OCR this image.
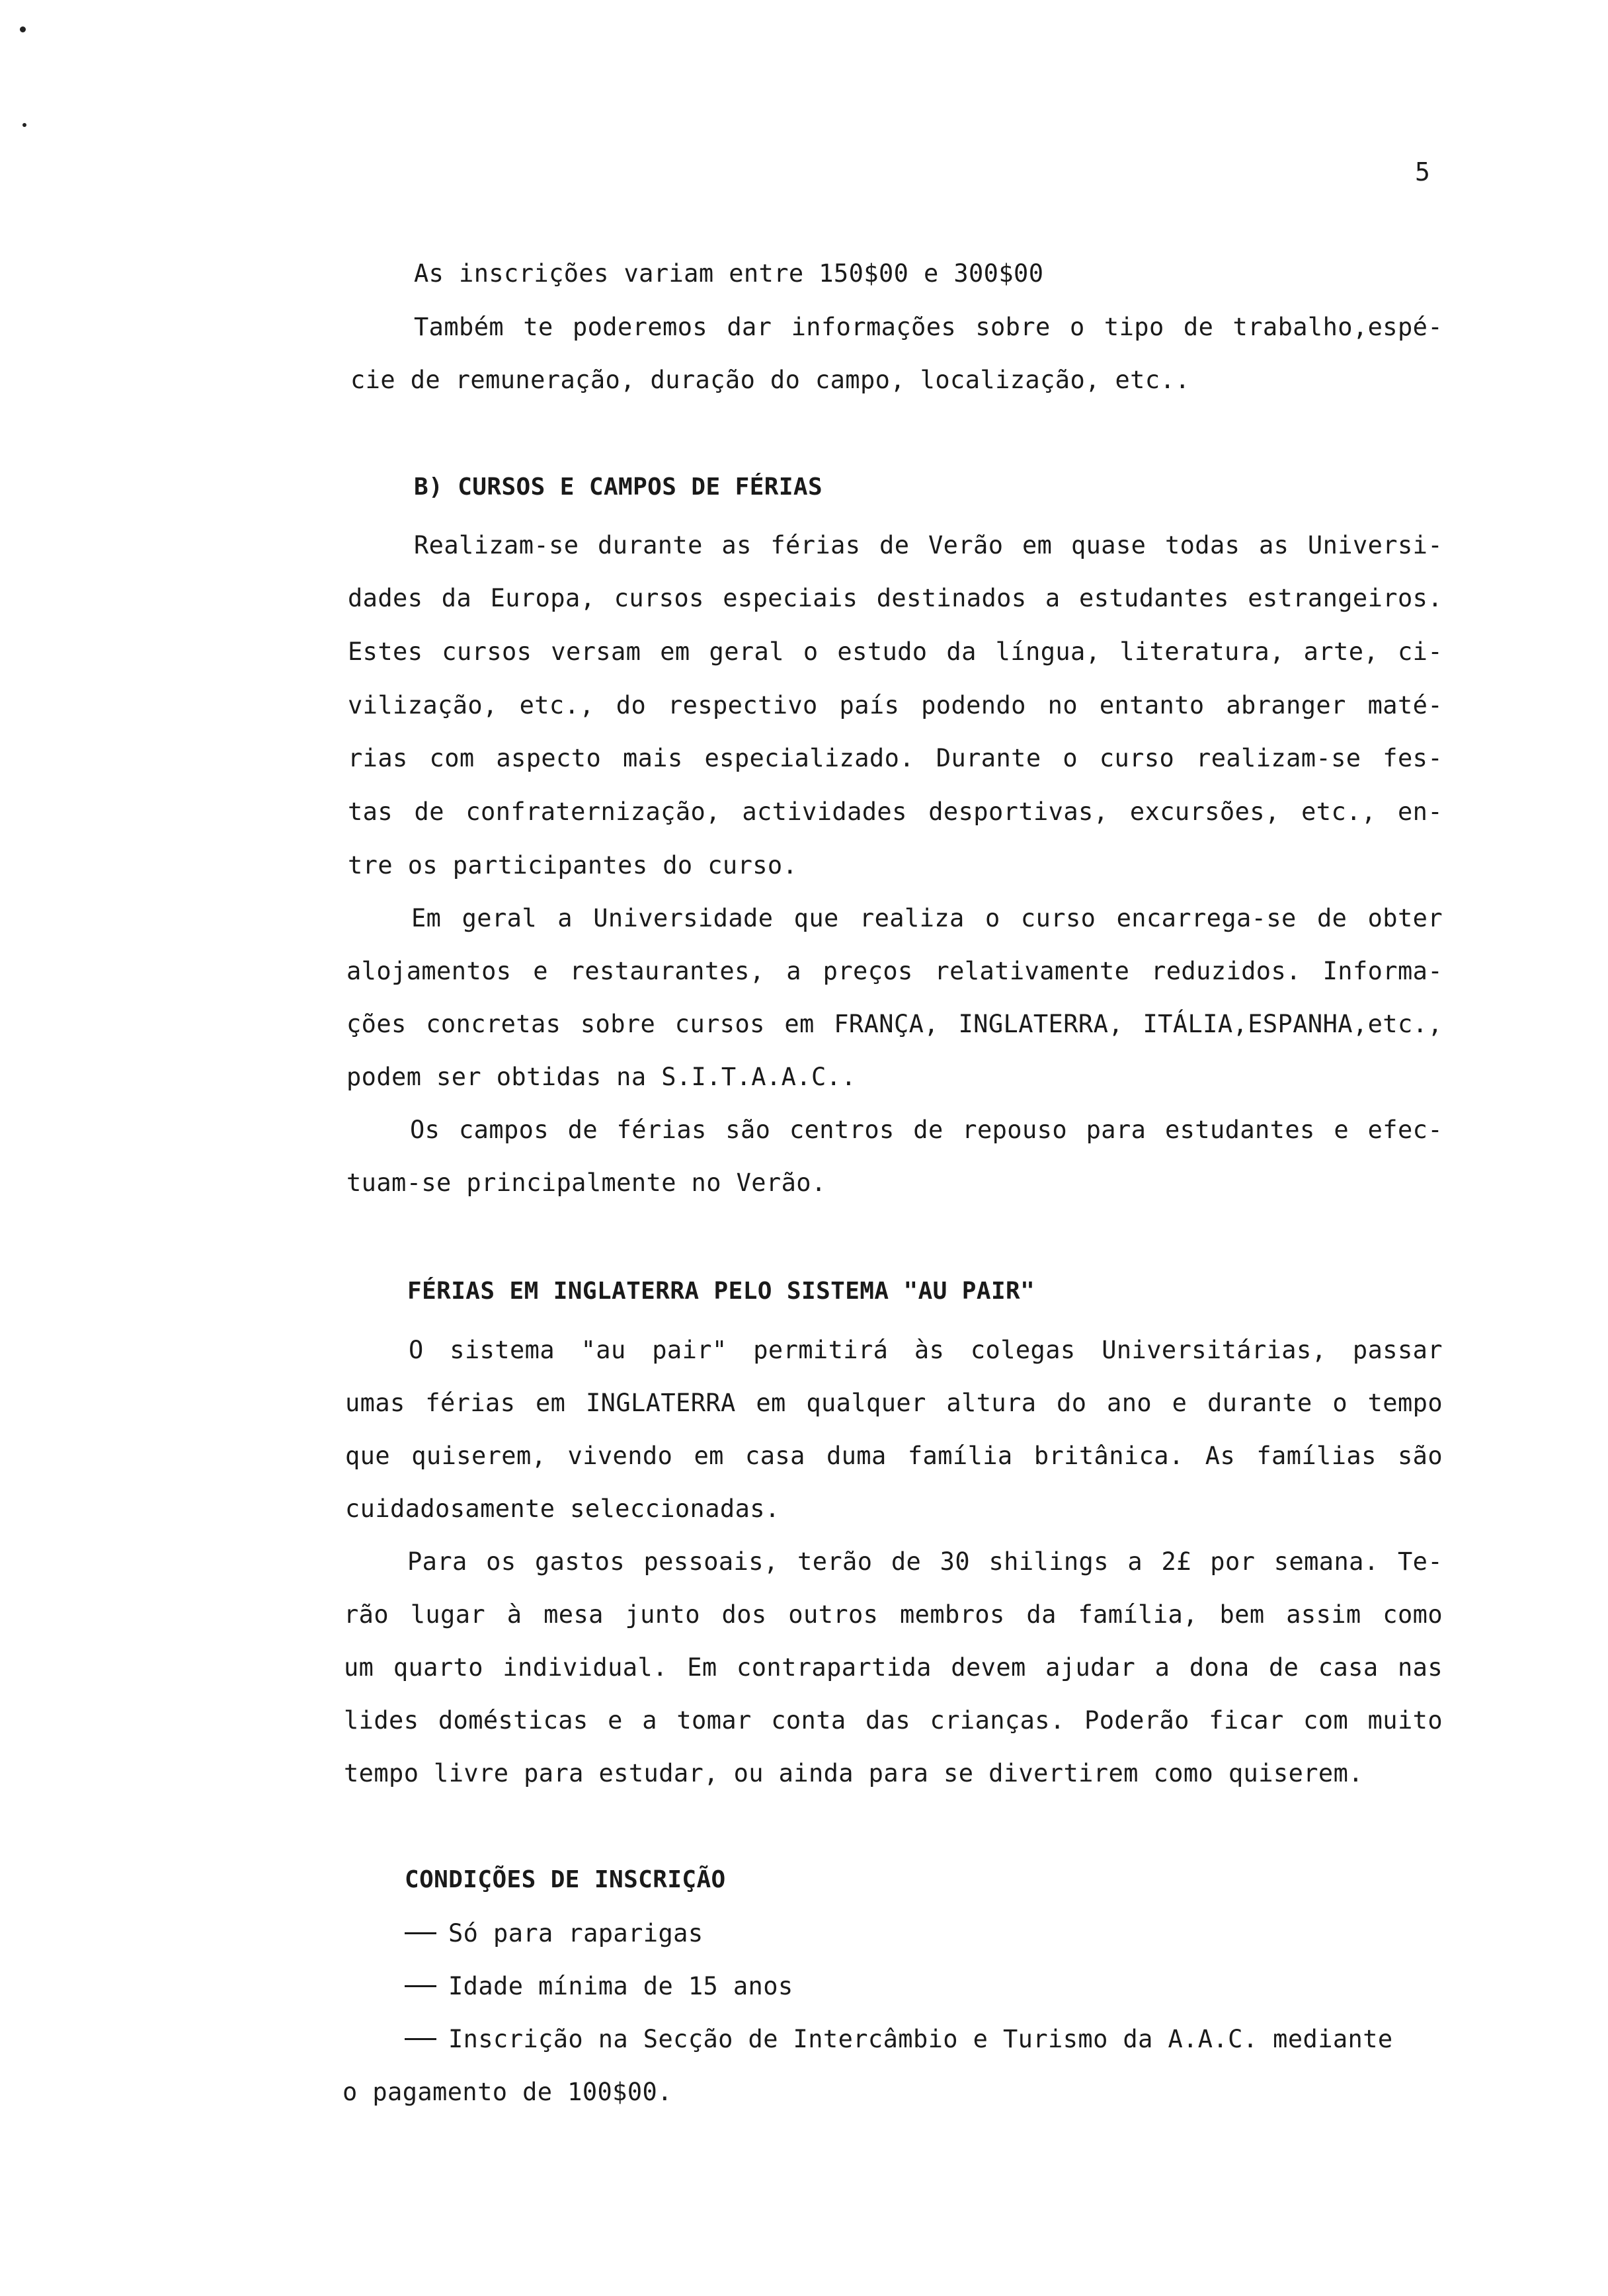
5
As inscrições variam entre 150$00 e 300$00
Também te poderemos dar informações sobre o tipo de trabalho,espé-
cie de remuneração, duração do campo, localização, etc..
B) CURSOS E CAMPOS DE FÉRIAS
Realizam-se durante as férias de Verão em quase todas as Universi-
dades da Europa, cursos especiais destinados a estudantes estrangeiros.
Estes cursos versam em geral o estudo da língua, literatura, arte, ci-
vilização, etc., do respectivo país podendo no entanto abranger maté-
rias com aspecto mais especializado. Durante o curso realizam-se fes-
tas de confraternização, actividades desportivas, excursões, etc., en-
tre os participantes do curso.
Em geral a Universidade que realiza o curso encarrega-se de obter
alojamentos e restaurantes, a preços relativamente reduzidos. Informa-
ções concretas sobre cursos em FRANÇA, INGLATERRA, ITÁLIA,ESPANHA,etc.,
podem ser obtidas na S.I.T.A.A.C..
Os campos de férias são centros de repouso para estudantes e efec-
tuam-se principalmente no Verão.
FÉRIAS EM INGLATERRA PELO SISTEMA "AU PAIR"
O sistema "au pair" permitirá às colegas Universitárias, passar
umas férias em INGLATERRA em qualquer altura do ano e durante o tempo
que quiserem, vivendo em casa duma família britânica. As famílias são
cuidadosamente seleccionadas.
Para os gastos pessoais, terão de 30 shilings a 2£ por semana. Te-
rão lugar à mesa junto dos outros membros da família, bem assim como
um quarto individual. Em contrapartida devem ajudar a dona de casa nas
lides domésticas e a tomar conta das crianças. Poderão ficar com muito
tempo livre para estudar, ou ainda para se divertirem como quiserem.
CONDIÇÕES DE INSCRIÇÃO
Só para raparigas
Idade mínima de 15 anos
Inscrição na Secção de Intercâmbio e Turismo da A.A.C. mediante
o pagamento de 100$00.
